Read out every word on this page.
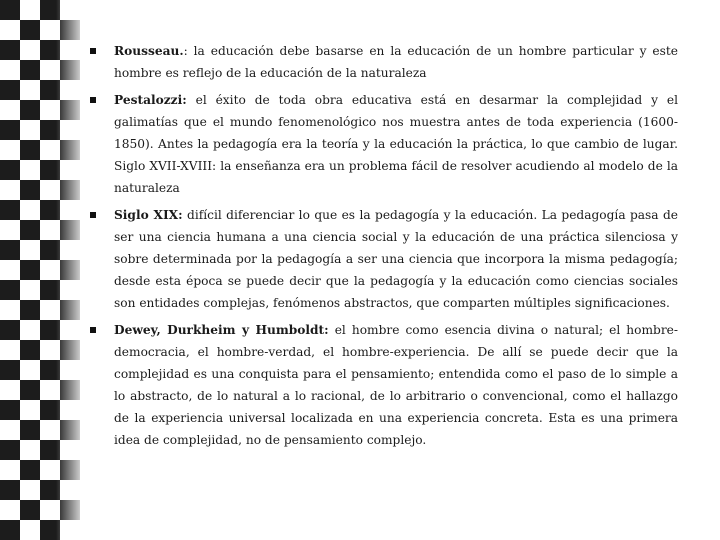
Rousseau.: la educación debe basarse en la educación de un hombre particular y este hombre es reflejo de la educación de la naturaleza
Pestalozzi: el éxito de toda obra educativa está en desarmar la complejidad y el galimatías que el mundo fenomenológico nos muestra antes de toda experiencia (1600-1850). Antes la pedagogía era la teoría y la educación la práctica, lo que cambio de lugar. Siglo XVII-XVIII: la enseñanza era un problema fácil de resolver acudiendo al modelo de la naturaleza
Siglo XIX: difícil diferenciar lo que es la pedagogía y la educación. La pedagogía pasa de ser una ciencia humana a una ciencia social y la educación de una práctica silenciosa y sobre determinada por la pedagogía a ser una ciencia que incorpora la misma pedagogía; desde esta época se puede decir que la pedagogía y la educación como ciencias sociales son entidades complejas, fenómenos abstractos, que comparten múltiples significaciones.
Dewey, Durkheim y Humboldt: el hombre como esencia divina o natural; el hombre-democracia, el hombre-verdad, el hombre-experiencia. De allí se puede decir que la complejidad es una conquista para el pensamiento; entendida como el paso de lo simple a lo abstracto, de lo natural a lo racional, de lo arbitrario o convencional, como el hallazgo de la experiencia universal localizada en una experiencia concreta. Esta es una primera idea de complejidad, no de pensamiento complejo.
